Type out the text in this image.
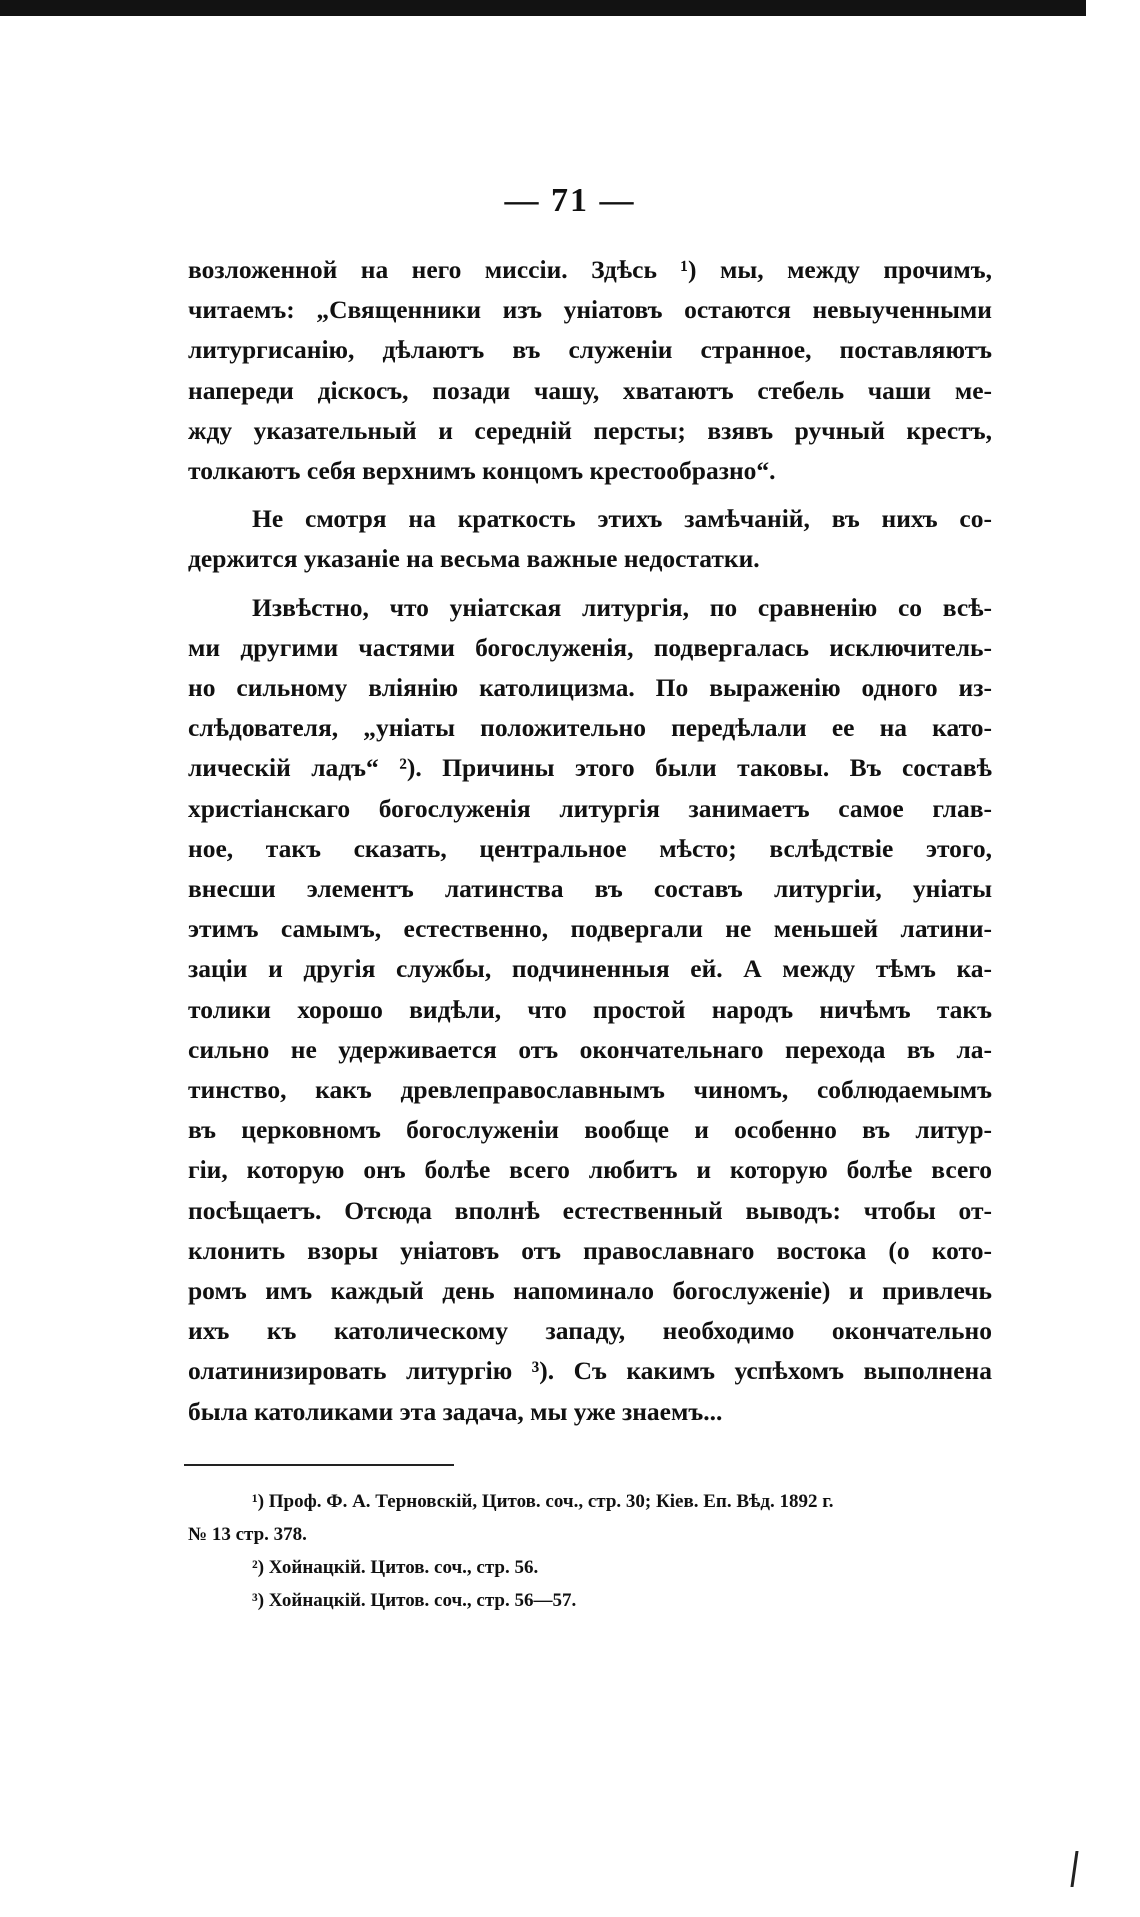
— 71 —

возложенной на него миссіи. Здѣсь ¹) мы, между прочимъ,
читаемъ: „Священники изъ уніатовъ остаются невыученными
литургисанію, дѣлаютъ въ служеніи странное, поставляютъ
напереди діскосъ, позади чашу, хватаютъ стебель чаши ме-
жду указательный и середній персты; взявъ ручный крестъ,
толкаютъ себя верхнимъ концомъ крестообразно“.

Не смотря на краткость этихъ замѣчаній, въ нихъ со-
держится указаніе на весьма важные недостатки.

Извѣстно, что уніатская литургія, по сравненію со всѣ-
ми другими частями богослуженія, подвергалась исключитель-
но сильному вліянію католицизма. По выраженію одного из-
слѣдователя, „уніаты положительно передѣлали ее на като-
лическій ладъ“ ²). Причины этого были таковы. Въ составѣ
христіанскаго богослуженія литургія занимаетъ самое глав-
ное, такъ сказать, центральное мѣсто; вслѣдствіе этого,
внесши элементъ латинства въ составъ литургіи, уніаты
этимъ самымъ, естественно, подвергали не меньшей латини-
заціи и другія службы, подчиненныя ей. А между тѣмъ ка-
толики хорошо видѣли, что простой народъ ничѣмъ такъ
сильно не удерживается отъ окончательнаго перехода въ ла-
тинство, какъ древлеправославнымъ чиномъ, соблюдаемымъ
въ церковномъ богослуженіи вообще и особенно въ литур-
гіи, которую онъ болѣе всего любитъ и которую болѣе всего
посѣщаетъ. Отсюда вполнѣ естественный выводъ: чтобы от-
клонить взоры уніатовъ отъ православнаго востока (о кото-
ромъ имъ каждый день напоминало богослуженіе) и привлечь
ихъ къ католическому западу, необходимо окончательно
олатинизировать литургію ³). Съ какимъ успѣхомъ выполнена
была католиками эта задача, мы уже знаемъ...

¹) Проф. Ф. А. Терновскій, Цитов. соч., стр. 30; Кіев. Еп. Вѣд. 1892 г.
№ 13 стр. 378.
²) Хойнацкій. Цитов. соч., стр. 56.
³) Хойнацкій. Цитов. соч., стр. 56—57.
